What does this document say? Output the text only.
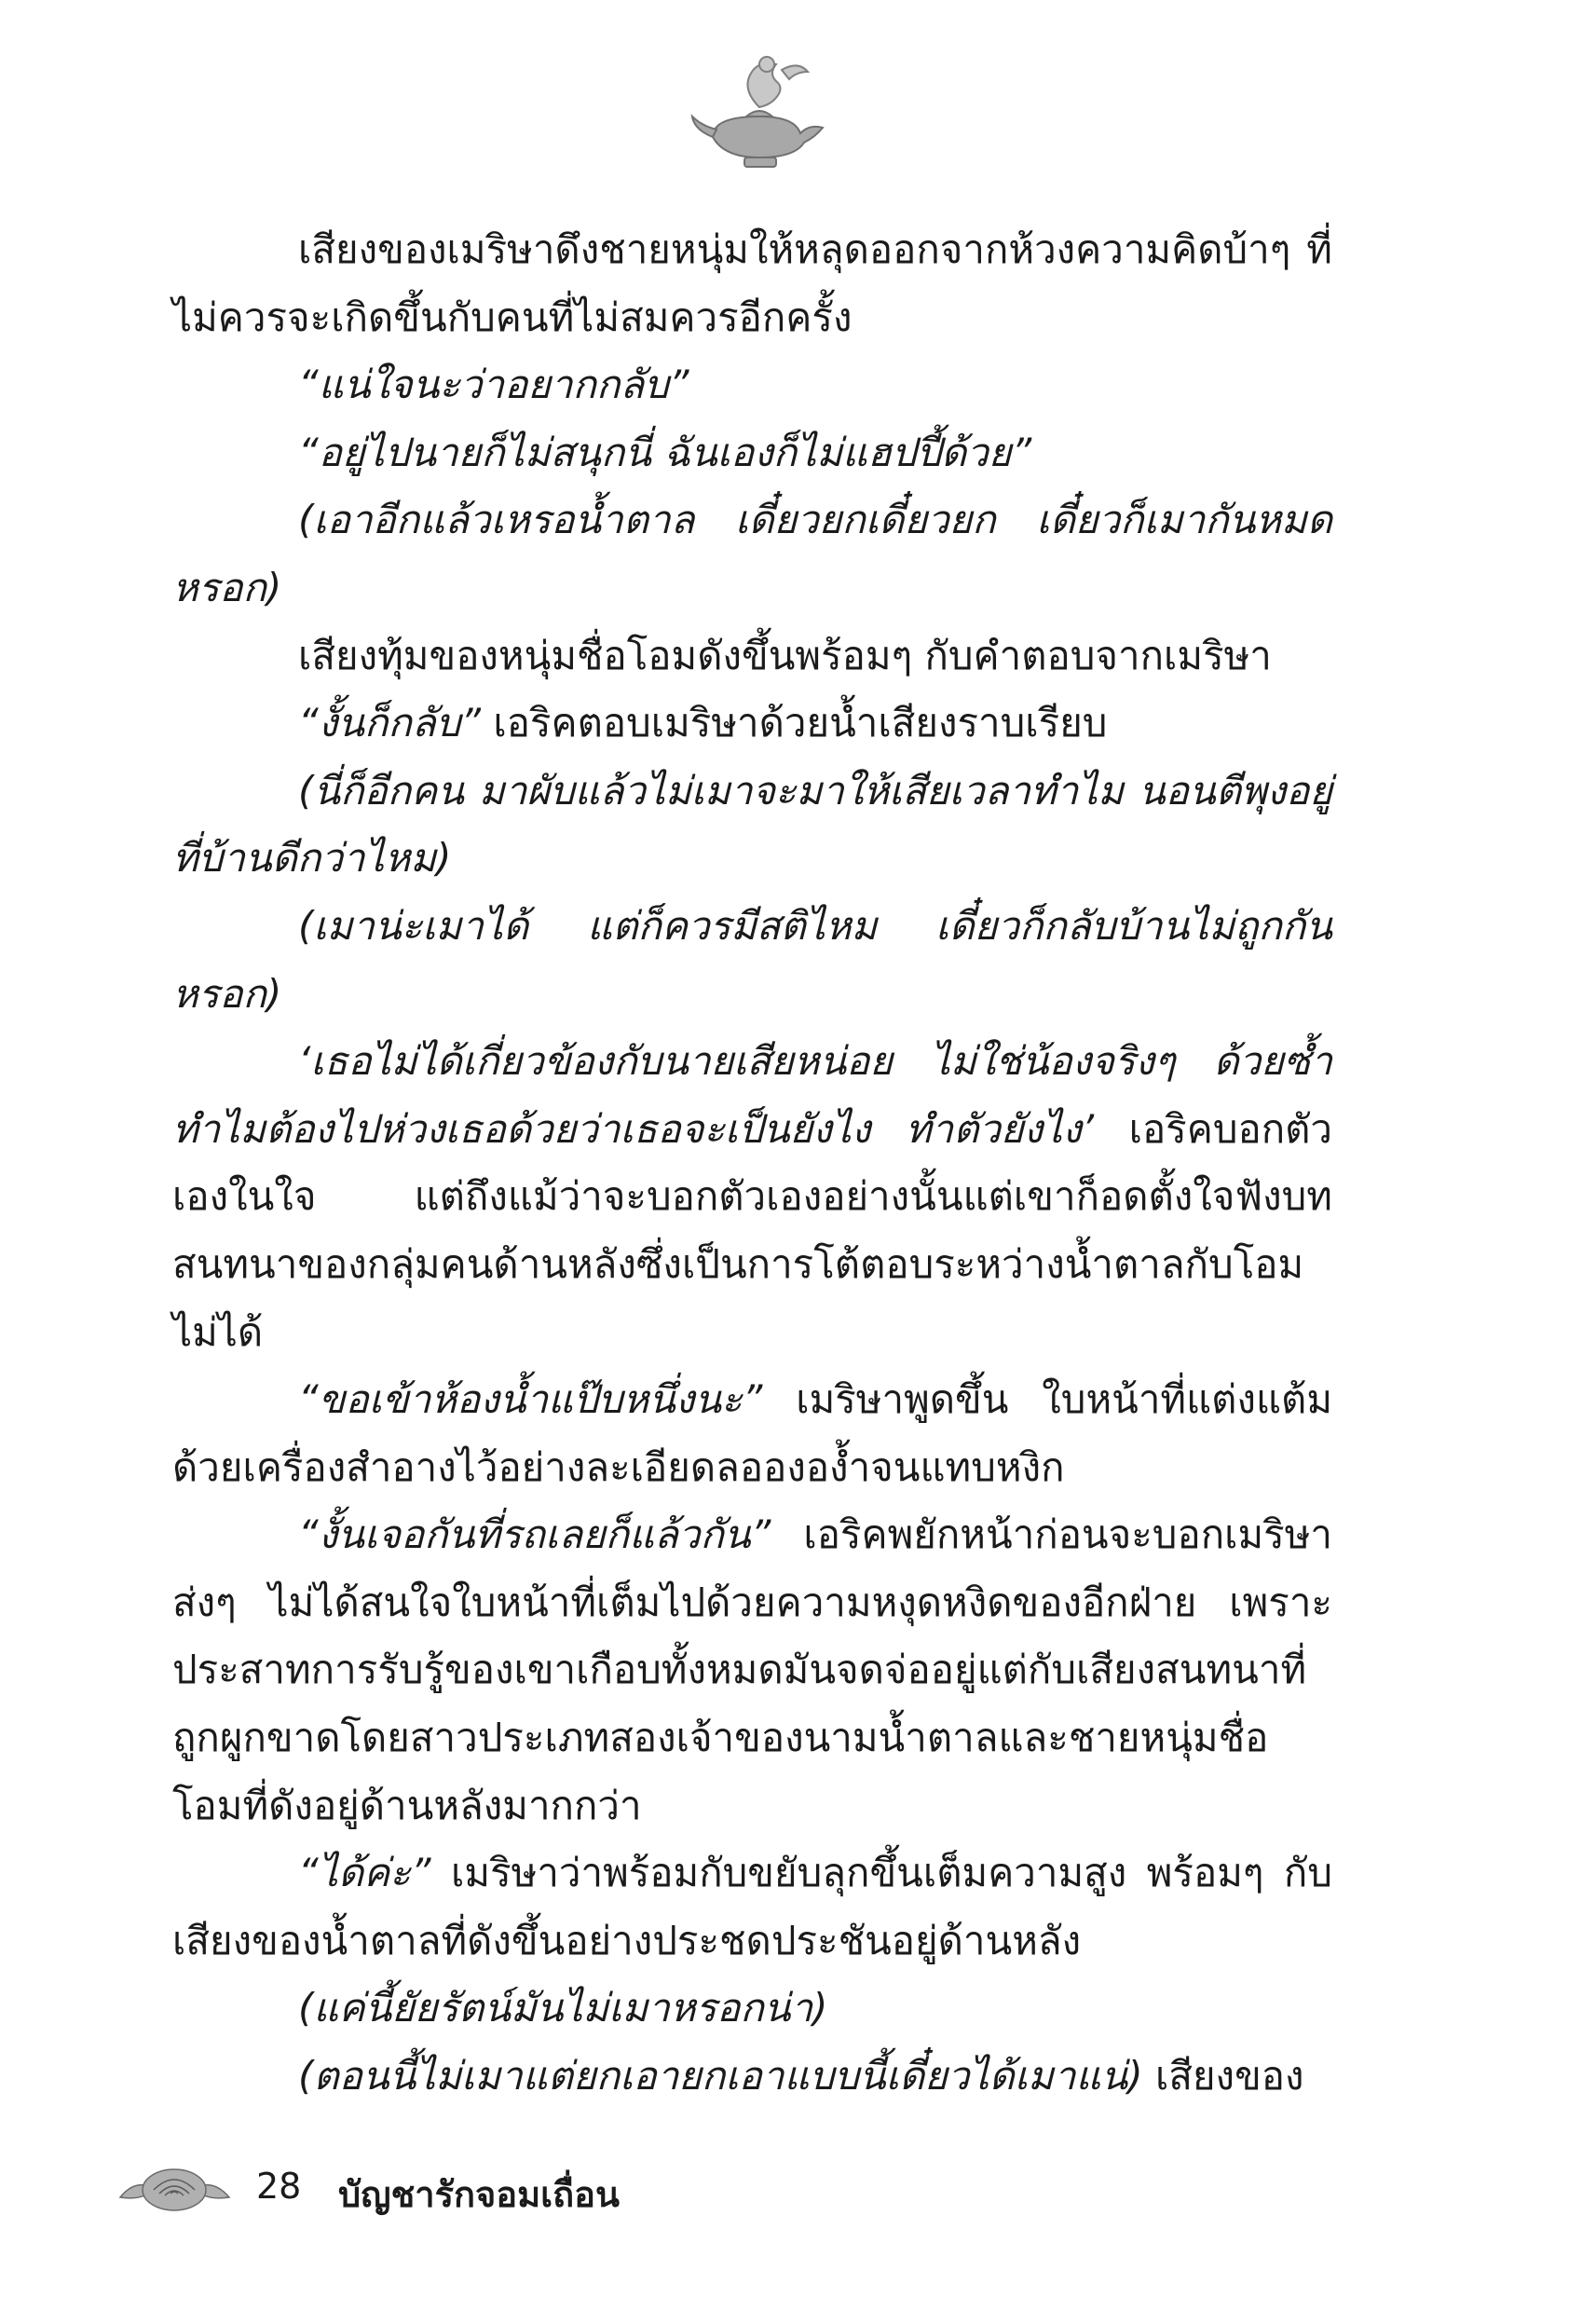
เสียงของเมริษาดึงชายหนุ่มให้หลุดออกจากห้วงความคิดบ้าๆ ที่ไม่ควรจะเกิดขึ้นกับคนที่ไม่สมควรอีกครั้ง

“แน่ใจนะว่าอยากกลับ”

“อยู่ไปนายก็ไม่สนุกนี่ ฉันเองก็ไม่แฮปปี้ด้วย”

(เอาอีกแล้วเหรอน้ำตาล เดี๋ยวยกเดี๋ยวยก เดี๋ยวก็เมากันหมดหรอก)

เสียงทุ้มของหนุ่มชื่อโอมดังขึ้นพร้อมๆ กับคำตอบจากเมริษา

“งั้นก็กลับ” เอริคตอบเมริษาด้วยน้ำเสียงราบเรียบ

(นี่ก็อีกคน มาผับแล้วไม่เมาจะมาให้เสียเวลาทำไม นอนตีพุงอยู่ที่บ้านดีกว่าไหม)

(เมาน่ะเมาได้ แต่ก็ควรมีสติไหม เดี๋ยวก็กลับบ้านไม่ถูกกันหรอก)

‘เธอไม่ได้เกี่ยวข้องกับนายเสียหน่อย ไม่ใช่น้องจริงๆ ด้วยซ้ำ ทำไมต้องไปห่วงเธอด้วยว่าเธอจะเป็นยังไง ทำตัวยังไง’ เอริคบอกตัวเองในใจ แต่ถึงแม้ว่าจะบอกตัวเองอย่างนั้นแต่เขาก็อดตั้งใจฟังบทสนทนาของกลุ่มคนด้านหลังซึ่งเป็นการโต้ตอบระหว่างน้ำตาลกับโอมไม่ได้

“ขอเข้าห้องน้ำแป๊บหนึ่งนะ” เมริษาพูดขึ้น ใบหน้าที่แต่งแต้มด้วยเครื่องสำอางไว้อย่างละเอียดลอององ้ำจนแทบหงิก

“งั้นเจอกันที่รถเลยก็แล้วกัน” เอริคพยักหน้าก่อนจะบอกเมริษาส่งๆ ไม่ได้สนใจใบหน้าที่เต็มไปด้วยความหงุดหงิดของอีกฝ่าย เพราะประสาทการรับรู้ของเขาเกือบทั้งหมดมันจดจ่ออยู่แต่กับเสียงสนทนาที่ถูกผูกขาดโดยสาวประเภทสองเจ้าของนามน้ำตาลและชายหนุ่มชื่อโอมที่ดังอยู่ด้านหลังมากกว่า

“ได้ค่ะ” เมริษาว่าพร้อมกับขยับลุกขึ้นเต็มความสูง พร้อมๆ กับเสียงของน้ำตาลที่ดังขึ้นอย่างประชดประชันอยู่ด้านหลัง

(แค่นี้ยัยรัตน์มันไม่เมาหรอกน่า)

(ตอนนี้ไม่เมาแต่ยกเอายกเอาแบบนี้เดี๋ยวได้เมาแน่) เสียงของ

28 บัญชารักจอมเถื่อน
